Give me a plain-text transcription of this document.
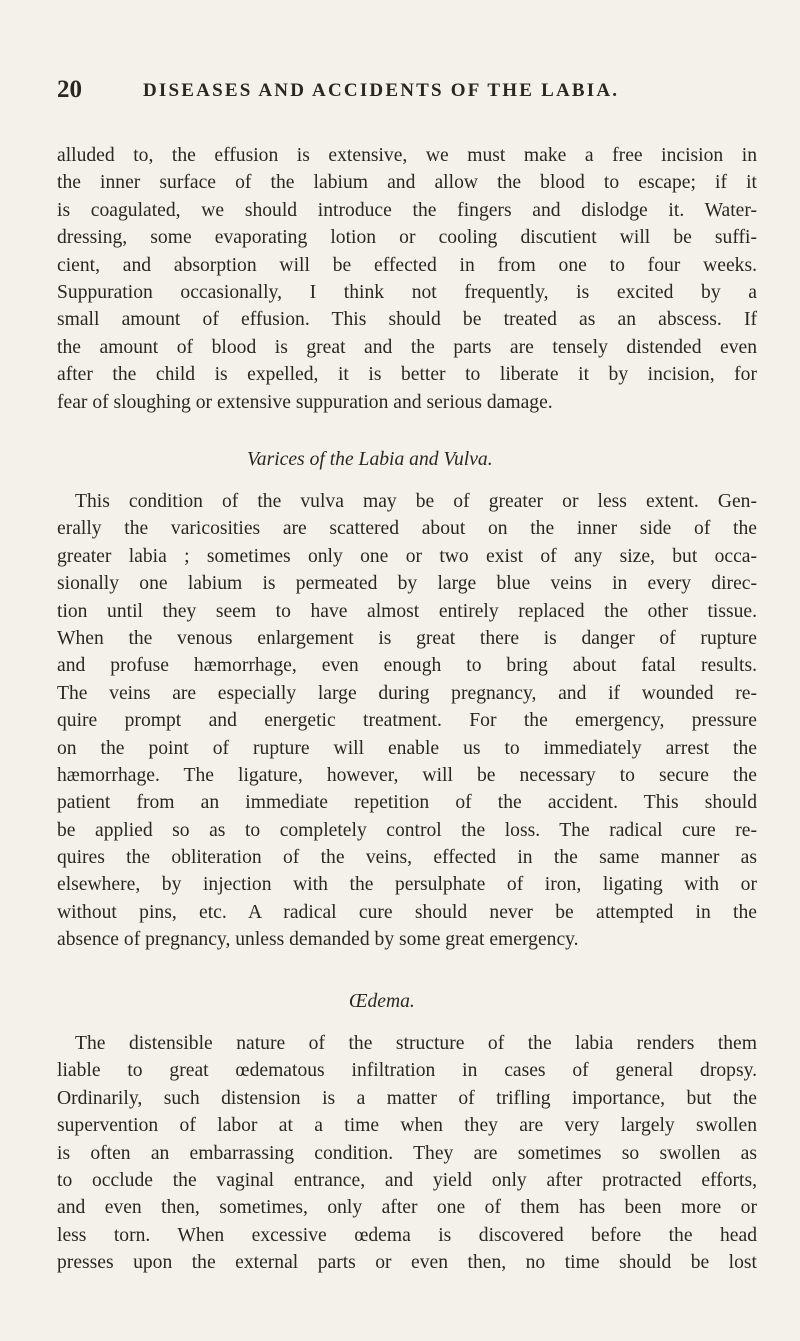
20	DISEASES AND ACCIDENTS OF THE LABIA.
alluded to, the effusion is extensive, we must make a free incision in
the inner surface of the labium and allow the blood to escape; if it
is coagulated, we should introduce the fingers and dislodge it. Water-
dressing, some evaporating lotion or cooling discutient will be suffi-
cient, and absorption will be effected in from one to four weeks.
Suppuration occasionally, I think not frequently, is excited by a
small amount of effusion. This should be treated as an abscess. If
the amount of blood is great and the parts are tensely distended even
after the child is expelled, it is better to liberate it by incision, for
fear of sloughing or extensive suppuration and serious damage.
Varices of the Labia and Vulva.
This condition of the vulva may be of greater or less extent. Gen-
erally the varicosities are scattered about on the inner side of the
greater labia ; sometimes only one or two exist of any size, but occa-
sionally one labium is permeated by large blue veins in every direc-
tion until they seem to have almost entirely replaced the other tissue.
When the venous enlargement is great there is danger of rupture
and profuse hæmorrhage, even enough to bring about fatal results.
The veins are especially large during pregnancy, and if wounded re-
quire prompt and energetic treatment. For the emergency, pressure
on the point of rupture will enable us to immediately arrest the
hæmorrhage. The ligature, however, will be necessary to secure the
patient from an immediate repetition of the accident. This should
be applied so as to completely control the loss. The radical cure re-
quires the obliteration of the veins, effected in the same manner as
elsewhere, by injection with the persulphate of iron, ligating with or
without pins, etc. A radical cure should never be attempted in the
absence of pregnancy, unless demanded by some great emergency.
Œdema.
The distensible nature of the structure of the labia renders them
liable to great œdematous infiltration in cases of general dropsy.
Ordinarily, such distension is a matter of trifling importance, but the
supervention of labor at a time when they are very largely swollen
is often an embarrassing condition. They are sometimes so swollen as
to occlude the vaginal entrance, and yield only after protracted efforts,
and even then, sometimes, only after one of them has been more or
less torn. When excessive œdema is discovered before the head
presses upon the external parts or even then, no time should be lost
